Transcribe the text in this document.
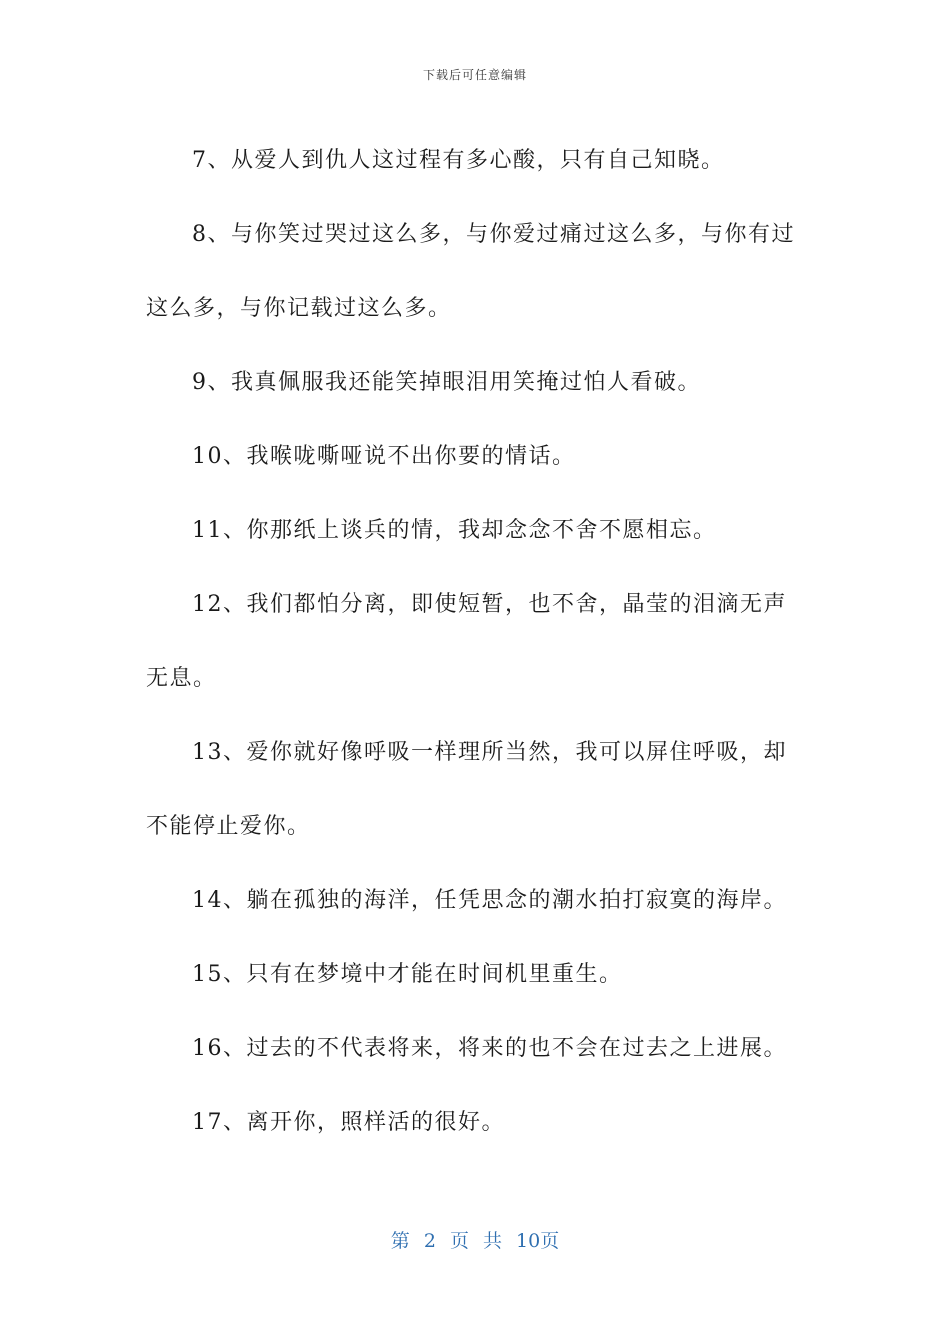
下载后可任意编辑

7、从爱人到仇人这过程有多心酸，只有自己知晓。

8、与你笑过哭过这么多，与你爱过痛过这么多，与你有过这么多，与你记载过这么多。

9、我真佩服我还能笑掉眼泪用笑掩过怕人看破。

10、我喉咙嘶哑说不出你要的情话。

11、你那纸上谈兵的情，我却念念不舍不愿相忘。

12、我们都怕分离，即使短暂，也不舍，晶莹的泪滴无声无息。

13、爱你就好像呼吸一样理所当然，我可以屏住呼吸，却不能停止爱你。

14、躺在孤独的海洋，任凭思念的潮水拍打寂寞的海岸。

15、只有在梦境中才能在时间机里重生。

16、过去的不代表将来，将来的也不会在过去之上进展。

17、离开你，照样活的很好。

第 2 页 共 10页
